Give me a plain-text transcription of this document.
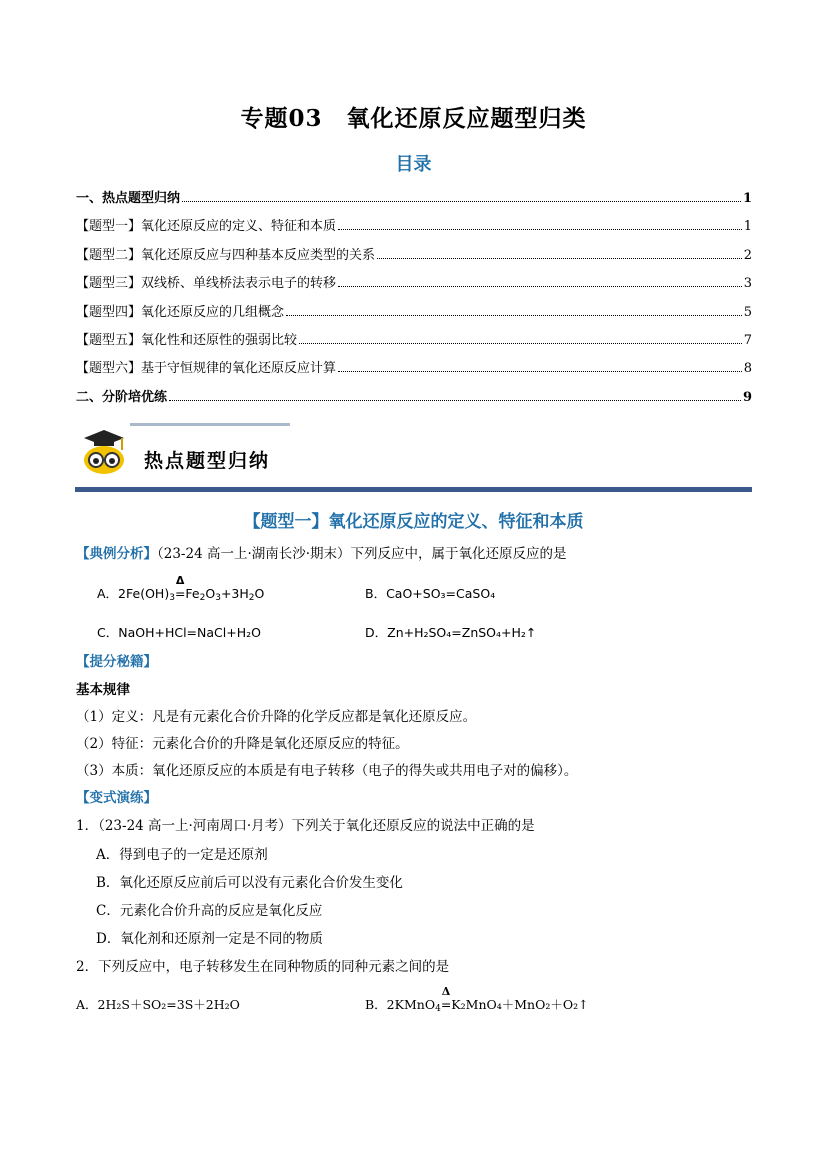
专题03　氧化还原反应题型归类
目录
一、热点题型归纳	1
【题型一】氧化还原反应的定义、特征和本质	1
【题型二】氧化还原反应与四种基本反应类型的关系	2
【题型三】双线桥、单线桥法表示电子的转移	3
【题型四】氧化还原反应的几组概念	5
【题型五】氧化性和还原性的强弱比较	7
【题型六】基于守恒规律的氧化还原反应计算	8
二、分阶培优练	9
热点题型归纳
【题型一】氧化还原反应的定义、特征和本质
【典例分析】（23-24 高一上·湖南长沙·期末）下列反应中，属于氧化还原反应的是
A．$2Fe(OH)_3$
Δ
$=Fe_2O_3+3H_2O$	B．CaO+SO₃=CaSO₄
C．NaOH+HCl=NaCl+H₂O	D．Zn+H₂SO₄=ZnSO₄+H₂↑
【提分秘籍】
基本规律
（1）定义：凡是有元素化合价升降的化学反应都是氧化还原反应。
（2）特征：元素化合价的升降是氧化还原反应的特征。
（3）本质：氧化还原反应的本质是有电子转移（电子的得失或共用电子对的偏移）。
【变式演练】
1．（23-24 高一上·河南周口·月考）下列关于氧化还原反应的说法中正确的是
A．得到电子的一定是还原剂
B．氧化还原反应前后可以没有元素化合价发生变化
C．元素化合价升高的反应是氧化反应
D．氧化剂和还原剂一定是不同的物质
2．下列反应中，电子转移发生在同种物质的同种元素之间的是
A．2H₂S＋SO₂=3S＋2H₂O	B．2KMnO$_4$
Δ
=K₂MnO₄＋MnO₂＋O₂↑
